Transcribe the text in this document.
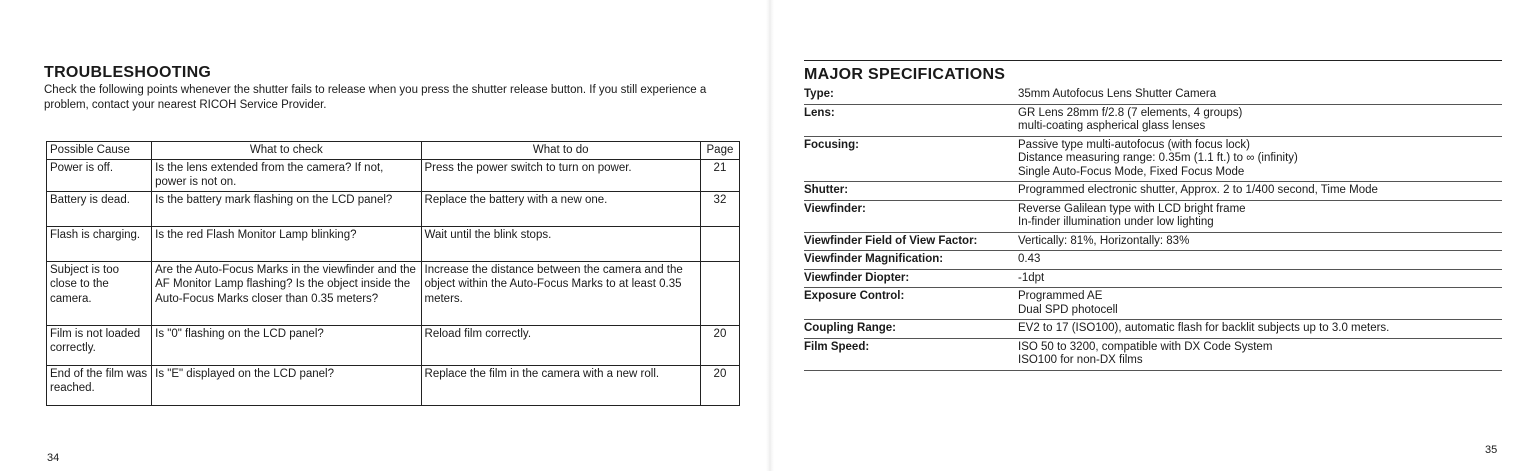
TROUBLESHOOTING
Check the following points whenever the shutter fails to release when you press the shutter release button. If you still experience a problem, contact your nearest RICOH Service Provider.
Possible Cause	What to check	What to do	Page
Power is off.	Is the lens extended from the camera? If not, power is not on.	Press the power switch to turn on power.	21
Battery is dead.	Is the battery mark flashing on the LCD panel?	Replace the battery with a new one.	32
Flash is charging.	Is the red Flash Monitor Lamp blinking?	Wait until the blink stops.	
Subject is too close to the camera.	Are the Auto-Focus Marks in the viewfinder and the AF Monitor Lamp flashing? Is the object inside the Auto-Focus Marks closer than 0.35 meters?	Increase the distance between the camera and the object within the Auto-Focus Marks to at least 0.35 meters.	
Film is not loaded correctly.	Is "0" flashing on the LCD panel?	Reload film correctly.	20
End of the film was reached.	Is "E" displayed on the LCD panel?	Replace the film in the camera with a new roll.	20
34
MAJOR SPECIFICATIONS
Type:	35mm Autofocus Lens Shutter Camera
Lens:	GR Lens 28mm f/2.8 (7 elements, 4 groups)
multi-coating aspherical glass lenses
Focusing:	Passive type multi-autofocus (with focus lock)
Distance measuring range: 0.35m (1.1 ft.) to ∞ (infinity)
Single Auto-Focus Mode, Fixed Focus Mode
Shutter:	Programmed electronic shutter, Approx. 2 to 1/400 second, Time Mode
Viewfinder:	Reverse Galilean type with LCD bright frame
In-finder illumination under low lighting
Viewfinder Field of View Factor:	Vertically: 81%, Horizontally: 83%
Viewfinder Magnification:	0.43
Viewfinder Diopter:	-1dpt
Exposure Control:	Programmed AE
Dual SPD photocell
Coupling Range:	EV2 to 17 (ISO100), automatic flash for backlit subjects up to 3.0 meters.
Film Speed:	ISO 50 to 3200, compatible with DX Code System
ISO100 for non-DX films
35
